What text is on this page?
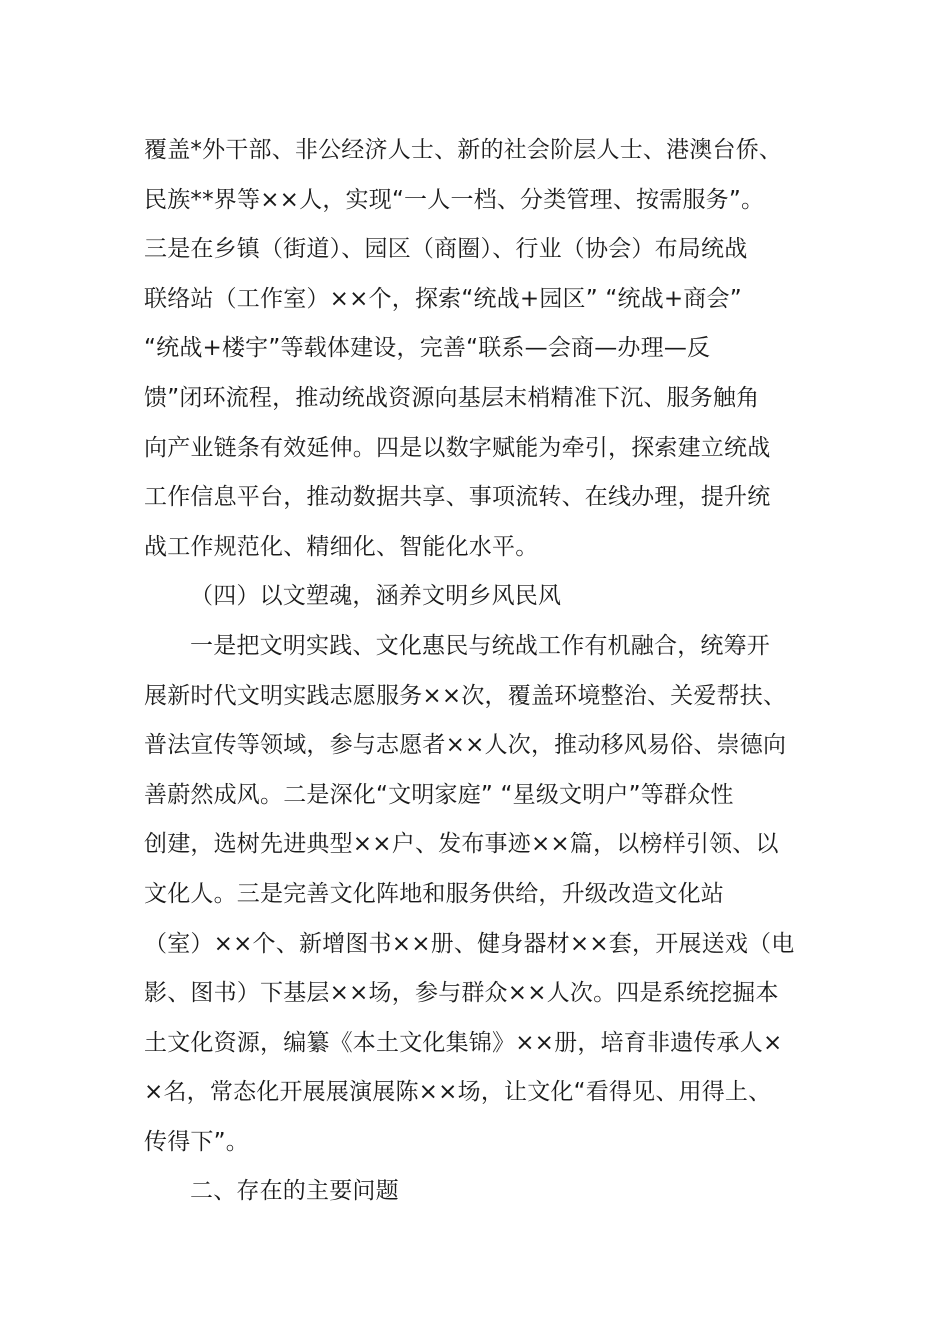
覆盖*外干部、非公经济人士、新的社会阶层人士、港澳台侨、
民族**界等××人，实现“一人一档、分类管理、按需服务”。
三是在乡镇（街道）、园区（商圈）、行业（协会）布局统战
联络站（工作室）××个，探索“统战+园区” “统战+商会”
“统战+楼宇”等载体建设，完善“联系—会商—办理—反
馈”闭环流程，推动统战资源向基层末梢精准下沉、服务触角
向产业链条有效延伸。四是以数字赋能为牵引，探索建立统战
工作信息平台，推动数据共享、事项流转、在线办理，提升统
战工作规范化、精细化、智能化水平。
（四）以文塑魂，涵养文明乡风民风
一是把文明实践、文化惠民与统战工作有机融合，统筹开
展新时代文明实践志愿服务××次，覆盖环境整治、关爱帮扶、
普法宣传等领域，参与志愿者××人次，推动移风易俗、崇德向
善蔚然成风。二是深化“文明家庭” “星级文明户”等群众性
创建，选树先进典型××户、发布事迹××篇，以榜样引领、以
文化人。三是完善文化阵地和服务供给，升级改造文化站
（室）××个、新增图书××册、健身器材××套，开展送戏（电
影、图书）下基层××场，参与群众××人次。四是系统挖掘本
土文化资源，编纂《本土文化集锦》××册，培育非遗传承人×
×名，常态化开展展演展陈××场，让文化“看得见、用得上、
传得下”。
二、存在的主要问题
